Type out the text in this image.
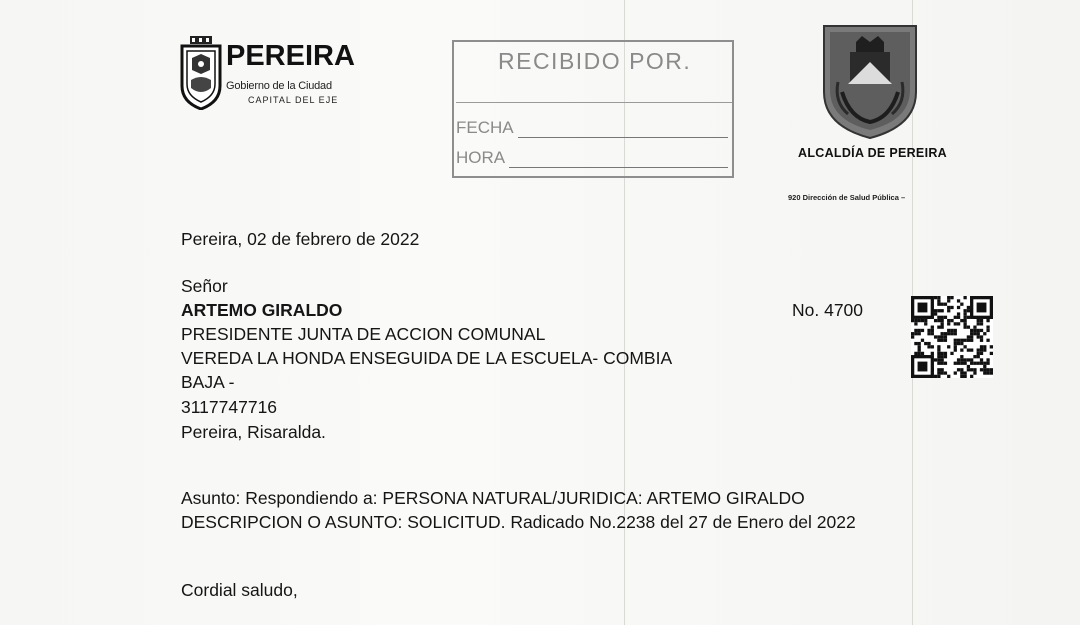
PEREIRA
Gobierno de la Ciudad
CAPITAL DEL EJE
RECIBIDO POR.
FECHA
HORA	ALCALDÍA DE PEREIRA
920 Dirección de Salud Pública –
Pereira, 02 de febrero de 2022
Señor
ARTEMO GIRALDO	No. 4700
PRESIDENTE JUNTA DE ACCION COMUNAL
VEREDA LA HONDA ENSEGUIDA DE LA ESCUELA- COMBIA
BAJA -
3117747716
Pereira, Risaralda.
Asunto: Respondiendo a: PERSONA NATURAL/JURIDICA: ARTEMO GIRALDO
DESCRIPCION O ASUNTO: SOLICITUD. Radicado No.2238 del 27 de Enero del 2022
Cordial saludo,
